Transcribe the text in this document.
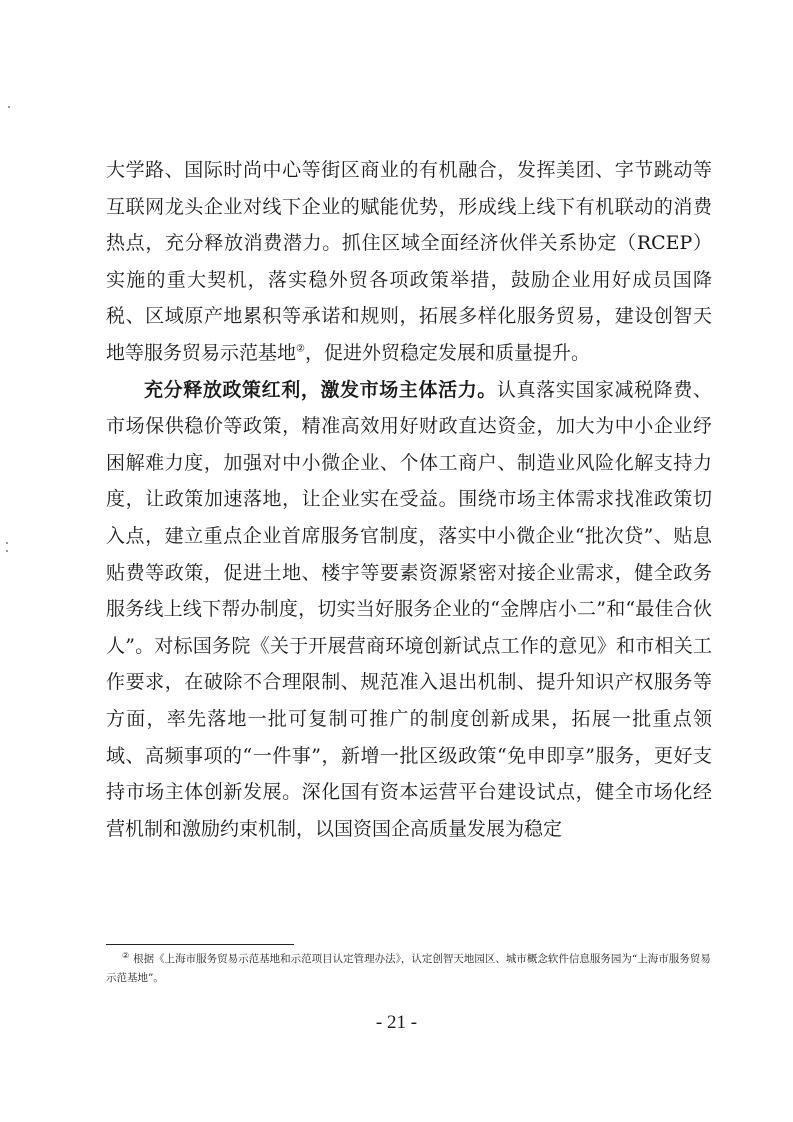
大学路、国际时尚中心等街区商业的有机融合，发挥美团、字节跳动等互联网龙头企业对线下企业的赋能优势，形成线上线下有机联动的消费热点，充分释放消费潜力。抓住区域全面经济伙伴关系协定（RCEP）实施的重大契机，落实稳外贸各项政策举措，鼓励企业用好成员国降税、区域原产地累积等承诺和规则，拓展多样化服务贸易，建设创智天地等服务贸易示范基地②，促进外贸稳定发展和质量提升。

充分释放政策红利，激发市场主体活力。认真落实国家减税降费、市场保供稳价等政策，精准高效用好财政直达资金，加大为中小企业纾困解难力度，加强对中小微企业、个体工商户、制造业风险化解支持力度，让政策加速落地，让企业实在受益。围绕市场主体需求找准政策切入点，建立重点企业首席服务官制度，落实中小微企业“批次贷”、贴息贴费等政策，促进土地、楼宇等要素资源紧密对接企业需求，健全政务服务线上线下帮办制度，切实当好服务企业的“金牌店小二”和“最佳合伙人”。对标国务院《关于开展营商环境创新试点工作的意见》和市相关工作要求，在破除不合理限制、规范准入退出机制、提升知识产权服务等方面，率先落地一批可复制可推广的制度创新成果，拓展一批重点领域、高频事项的“一件事”，新增一批区级政策“免申即享”服务，更好支持市场主体创新发展。深化国有资本运营平台建设试点，健全市场化经营机制和激励约束机制，以国资国企高质量发展为稳定

② 根据《上海市服务贸易示范基地和示范项目认定管理办法》，认定创智天地园区、城市概念软件信息服务园为“上海市服务贸易示范基地”。
- 21 -
